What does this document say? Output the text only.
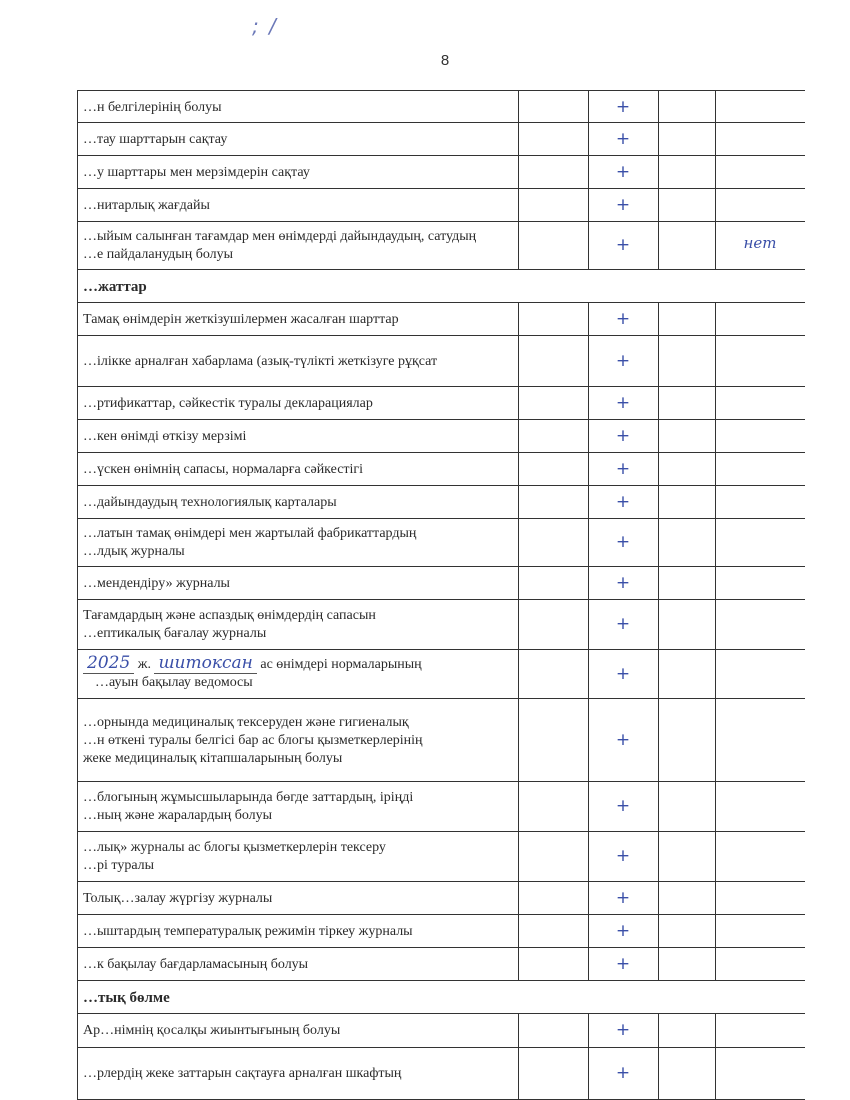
; /
8
…н белгілерінің болуы	+
…тау шарттарын сақтау	+
…у шарттары мен мерзімдерін сақтау	+
…нитарлық жағдайы	+
…ыйым салынған тағамдар мен өнімдерді дайындаудың, сатудың
…е пайдаланудың болуы	+	нет
…жаттар
Тамақ өнімдерін жеткізушілермен жасалған шарттар	+
…ілікке арналған хабарлама (азық-түлікті жеткізуге рұқсат	+
…ртификаттар, сәйкестік туралы декларациялар	+
…кен өнімді өткізу мерзімі	+
…үскен өнімнің сапасы, нормаларға сәйкестігі	+
…дайындаудың технологиялық карталары	+
…латын тамақ өнімдері мен жартылай фабрикаттардың
…лдық журналы	+
…мендендіру» журналы	+
Тағамдардың және аспаздық өнімдердің сапасын
…ептикалық бағалау журналы	+
2025 ж. шитоксан ас өнімдері нормаларының
…ауын бақылау ведомосы	+
…орнында медициналық тексеруден және гигиеналық
…н өткені туралы белгісі бар ас блогы қызметкерлерінің
жеке медициналық кітапшаларының болуы
+
…блогының жұмысшыларында бөгде заттардың, іріңді
…ның және жаралардың болуы	+
…лық» журналы ас блогы қызметкерлерін тексеру
…рі туралы	+
Толық…залау жүргізу журналы	+
…ыштардың температуралық режимін тіркеу журналы	+
…к бақылау бағдарламасының болуы	+
…тық бөлме
Ар…німнің қосалқы жиынтығының болуы	+
…рлердің жеке заттарын сақтауға арналған шкафтың	+
